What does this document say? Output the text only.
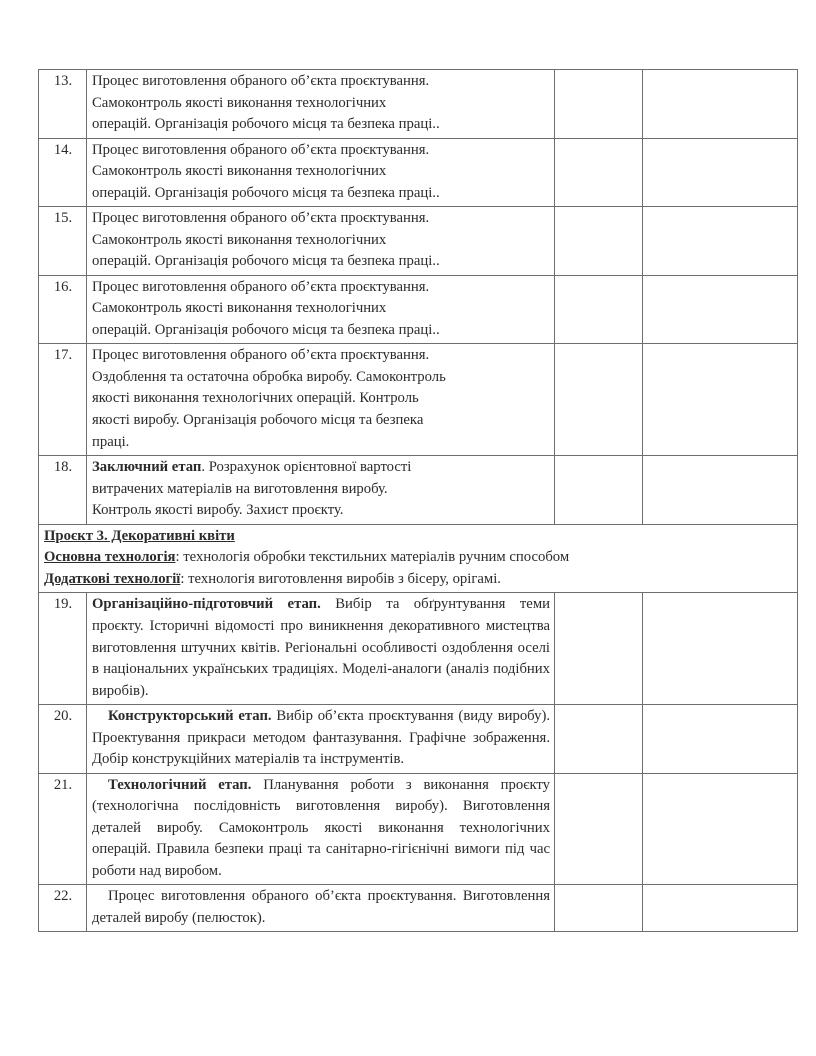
13.	Процес виготовлення обраного об’єкта проєктування.
Самоконтроль якості виконання технологічних
операцій. Організація робочого місця та безпека праці..		

14.	Процес виготовлення обраного об’єкта проєктування.
Самоконтроль якості виконання технологічних
операцій. Організація робочого місця та безпека праці..		

15.	Процес виготовлення обраного об’єкта проєктування.
Самоконтроль якості виконання технологічних
операцій. Організація робочого місця та безпека праці..		

16.	Процес виготовлення обраного об’єкта проєктування.
Самоконтроль якості виконання технологічних
операцій. Організація робочого місця та безпека праці..		

17.	Процес виготовлення обраного об’єкта проєктування.
Оздоблення та остаточна обробка виробу. Самоконтроль
якості виконання технологічних операцій. Контроль
якості виробу. Організація робочого місця та безпека
праці.		

18.	Заключний етап. Розрахунок орієнтовної вартості
витрачених матеріалів на виготовлення виробу.
Контроль якості виробу. Захист проєкту.		

Проєкт 3. Декоративні квіти
Основна технологія: технологія обробки текстильних матеріалів ручним способом
Додаткові технології: технологія виготовлення виробів з бісеру, орігамі.			

19.	Організаційно-підготовчий етап. Вибір та обґрунтування теми проєкту. Історичні відомості про виникнення декоративного мистецтва виготовлення штучних квітів. Регіональні особливості оздоблення оселі в національних українських традиціях. Моделі-аналоги (аналіз подібних виробів).		

20.	Конструкторський етап. Вибір об’єкта проєктування (виду виробу). Проектування прикраси методом фантазування. Графічне зображення. Добір конструкційних матеріалів та інструментів.		

21.	Технологічний етап. Планування роботи з виконання проєкту (технологічна послідовність виготовлення виробу). Виготовлення деталей виробу. Самоконтроль якості виконання технологічних операцій. Правила безпеки праці та санітарно-гігієнічні вимоги під час роботи над виробом.		

22.	Процес виготовлення обраного об’єкта проєктування. Виготовлення деталей виробу (пелюсток).		
